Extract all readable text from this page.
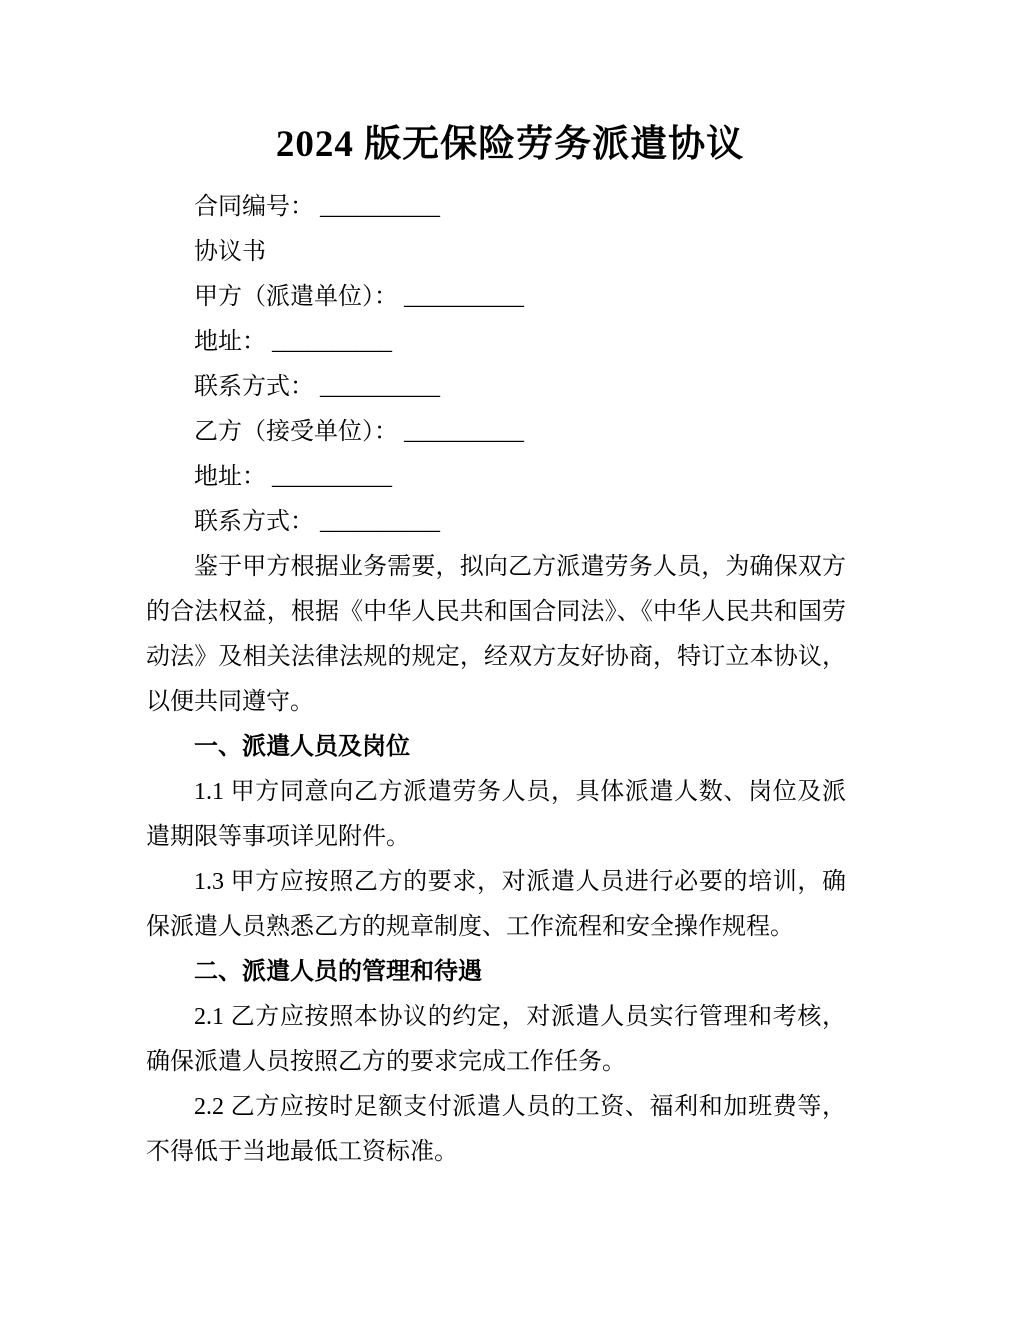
2024 版无保险劳务派遣协议

合同编号： __________

协议书

甲方（派遣单位）： __________

地址： __________

联系方式： __________

乙方（接受单位）： __________

地址： __________

联系方式： __________

鉴于甲方根据业务需要，拟向乙方派遣劳务人员，为确保双方的合法权益，根据《中华人民共和国合同法》、《中华人民共和国劳动法》及相关法律法规的规定，经双方友好协商，特订立本协议，以便共同遵守。

一、派遣人员及岗位

1.1 甲方同意向乙方派遣劳务人员，具体派遣人数、岗位及派遣期限等事项详见附件。

1.3 甲方应按照乙方的要求，对派遣人员进行必要的培训，确保派遣人员熟悉乙方的规章制度、工作流程和安全操作规程。

二、派遣人员的管理和待遇

2.1 乙方应按照本协议的约定，对派遣人员实行管理和考核，确保派遣人员按照乙方的要求完成工作任务。

2.2 乙方应按时足额支付派遣人员的工资、福利和加班费等，不得低于当地最低工资标准。
